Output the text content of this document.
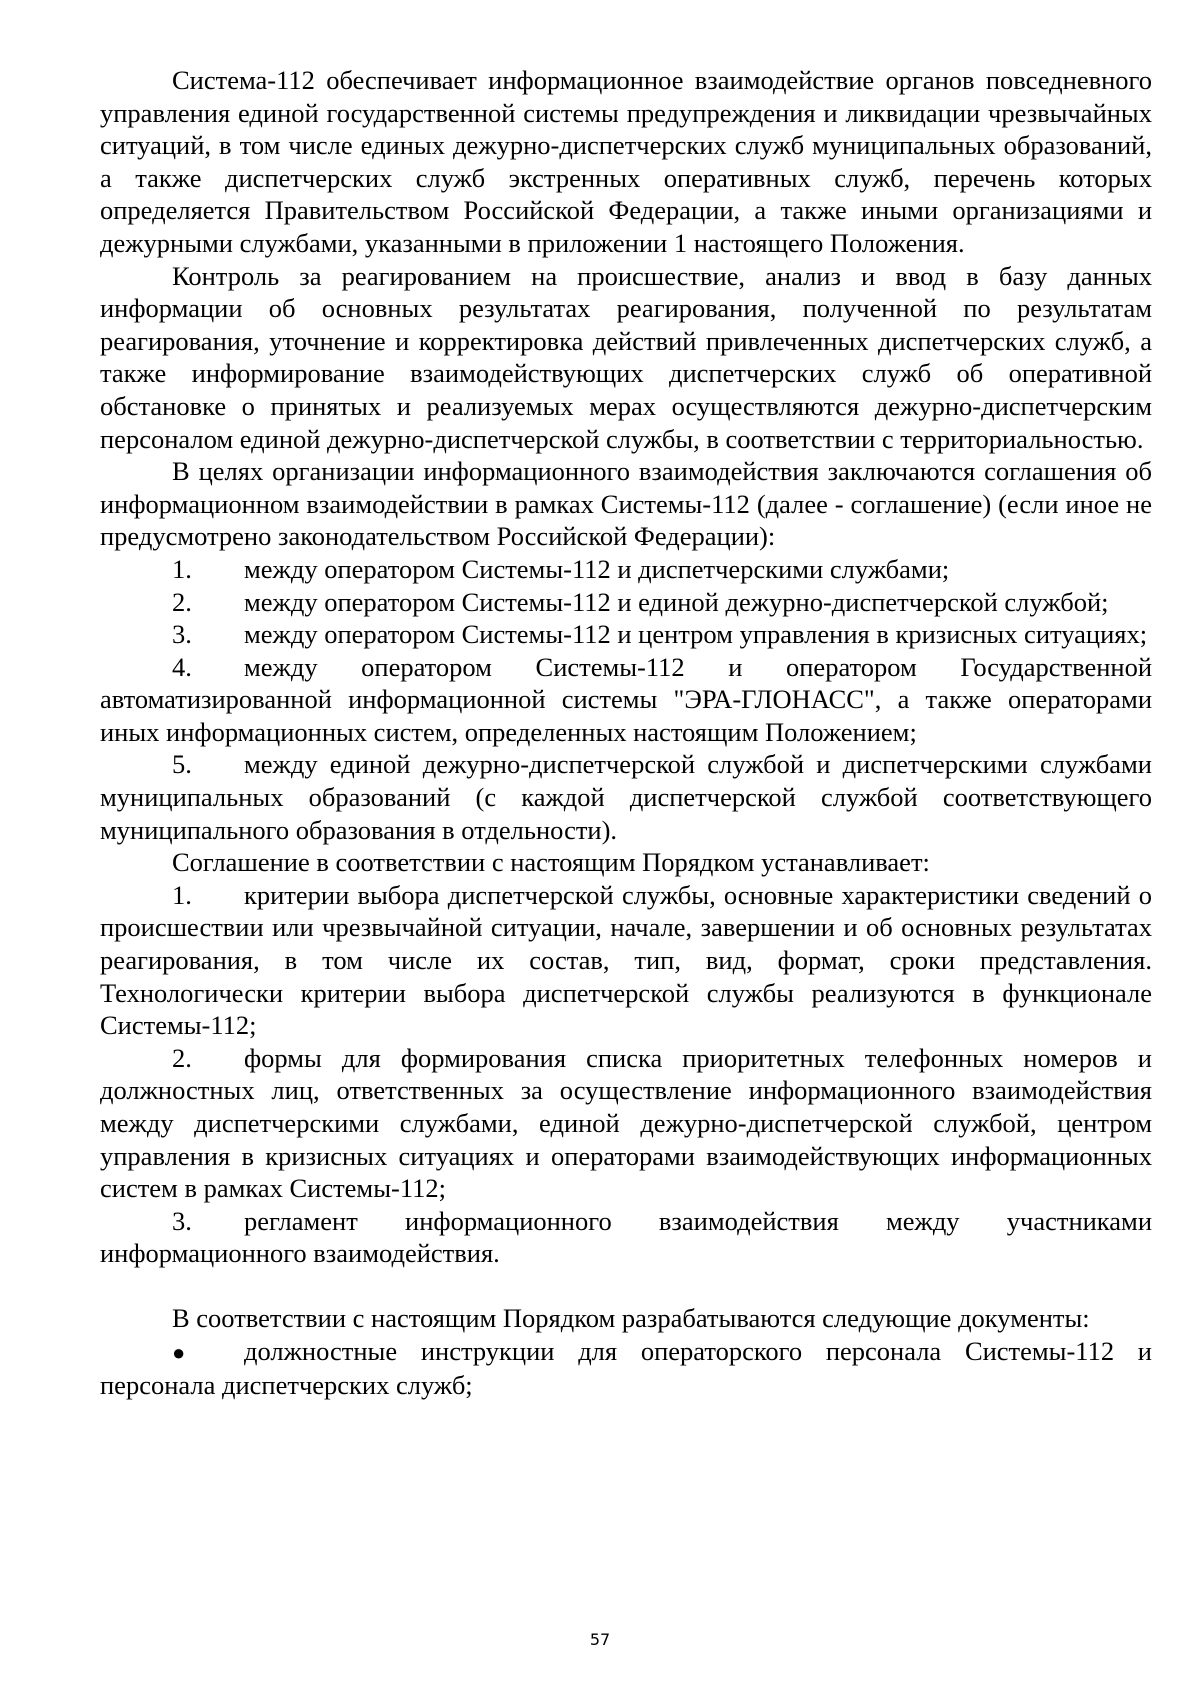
Система-112 обеспечивает информационное взаимодействие органов повседневного управления единой государственной системы предупреждения и ликвидации чрезвычайных ситуаций, в том числе единых дежурно-диспетчерских служб муниципальных образований, а также диспетчерских служб экстренных оперативных служб, перечень которых определяется Правительством Российской Федерации, а также иными организациями и дежурными службами, указанными в приложении 1 настоящего Положения.

Контроль за реагированием на происшествие, анализ и ввод в базу данных информации об основных результатах реагирования, полученной по результатам реагирования, уточнение и корректировка действий привлеченных диспетчерских служб, а также информирование взаимодействующих диспетчерских служб об оперативной обстановке о принятых и реализуемых мерах осуществляются дежурно-диспетчерским персоналом единой дежурно-диспетчерской службы, в соответствии с территориальностью.

В целях организации информационного взаимодействия заключаются соглашения об информационном взаимодействии в рамках Системы-112 (далее - соглашение) (если иное не предусмотрено законодательством Российской Федерации):

1. между оператором Системы-112 и диспетчерскими службами;

2. между оператором Системы-112 и единой дежурно-диспетчерской службой;

3. между оператором Системы-112 и центром управления в кризисных ситуациях;

4. между оператором Системы-112 и оператором Государственной автоматизированной информационной системы "ЭРА-ГЛОНАСС", а также операторами иных информационных систем, определенных настоящим Положением;

5. между единой дежурно-диспетчерской службой и диспетчерскими службами муниципальных образований (с каждой диспетчерской службой соответствующего муниципального образования в отдельности).

Соглашение в соответствии с настоящим Порядком устанавливает:

1. критерии выбора диспетчерской службы, основные характеристики сведений о происшествии или чрезвычайной ситуации, начале, завершении и об основных результатах реагирования, в том числе их состав, тип, вид, формат, сроки представления. Технологически критерии выбора диспетчерской службы реализуются в функционале Системы-112;

2. формы для формирования списка приоритетных телефонных номеров и должностных лиц, ответственных за осуществление информационного взаимодействия между диспетчерскими службами, единой дежурно-диспетчерской службой, центром управления в кризисных ситуациях и операторами взаимодействующих информационных систем в рамках Системы-112;

3. регламент информационного взаимодействия между участниками информационного взаимодействия.

В соответствии с настоящим Порядком разрабатываются следующие документы:

● должностные инструкции для операторского персонала Системы-112 и персонала диспетчерских служб;

57
